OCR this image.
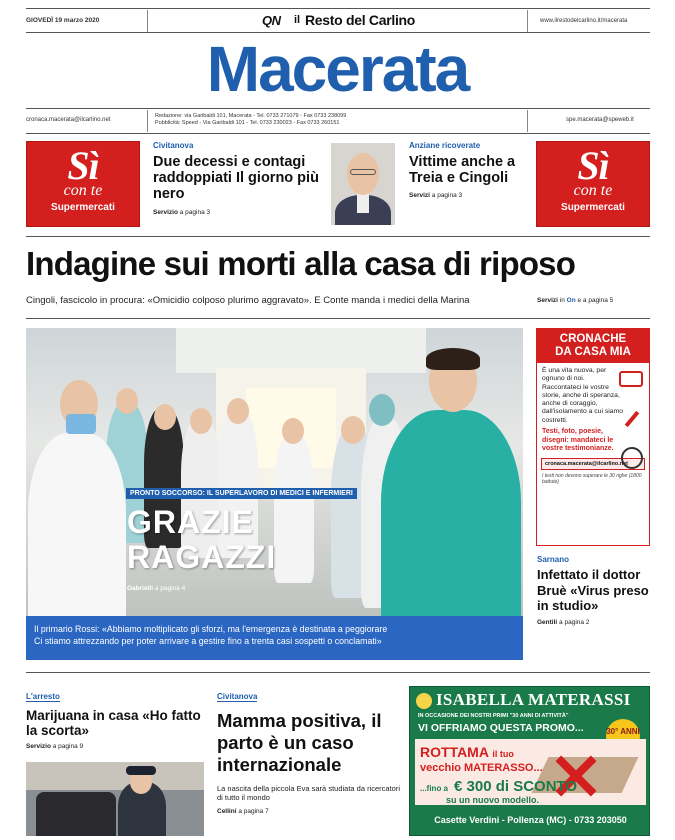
GIOVEDÌ 19 marzo 2020	QN il Resto del Carlino	www.ilrestodelcarlino.it/macerata
Macerata
cronaca.macerata@ilcarlino.net
Redazione: via Garibaldi 101, Macerata - Tel. 0733 271079 - Fax 0733 238099
Pubblicità: Speed - Via Garibaldi 101 - Tel. 0733 230023 - Fax 0733 260151	spe.macerata@speweb.it
Sì
con te
Supermercati
Civitanova
Due decessi e contagi raddoppiati Il giorno più nero
Servizio a pagina 3
Anziane ricoverate
Vittime anche a Treia e Cingoli
Servizi a pagina 3
Sì
con te
Supermercati
Indagine sui morti alla casa di riposo
Cingoli, fascicolo in procura: «Omicidio colposo plurimo aggravato». E Conte manda i medici della Marina	Servizi in On e a pagina 5
PRONTO SOCCORSO: IL SUPERLAVORO DI MEDICI E INFERMIERI
GRAZIE
RAGAZZI
Gabrielli a pagina 4
Il primario Rossi: «Abbiamo moltiplicato gli sforzi, ma l'emergenza è destinata a peggiorare
Ci stiamo attrezzando per poter arrivare a gestire fino a trenta casi sospetti o conclamati»
CRONACHE
DA CASA MIA
È una vita nuova, per ognuno di noi. Raccontateci le vostre storie, anche di speranza, anche di coraggio, dall'isolamento a cui siamo costretti.
Testi, foto, poesie, disegni: mandateci le vostre testimonianze.
cronaca.macerata@ilcarlino.net
I testi non devono superare le 30 righe (1800 battute)
Sarnano
Infettato il dottor Bruè «Virus preso in studio»
Gentili a pagina 2
L'arresto
Marijuana in casa «Ho fatto la scorta»
Servizio a pagina 9
Civitanova
Mamma positiva, il parto è un caso internazionale
La nascita della piccola Eva sarà studiata da ricercatori di tutto il mondo
Cellini a pagina 7
ISABELLA MATERASSI
IN OCCASIONE DEI NOSTRI PRIMI "30 ANNI DI ATTIVITÀ"
VI OFFRIAMO QUESTA PROMO...	30° ANNI
ROTTAMA il tuo
vecchio MATERASSO...
...fino a € 300 di SCONTO
su un nuovo modello.
Casette Verdini - Pollenza (MC) - 0733 203050
